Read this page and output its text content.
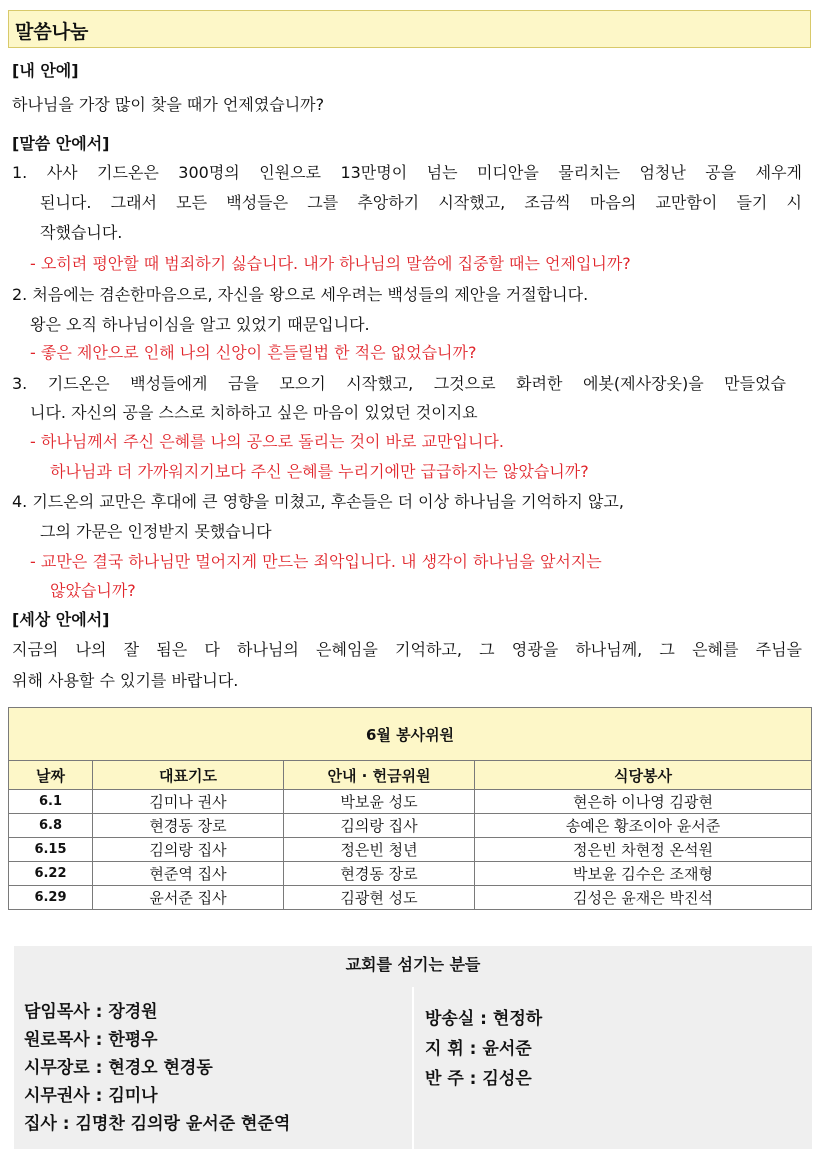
말씀나눔
[내 안에]
하나님을 가장 많이 찾을 때가 언제였습니까?
[말씀 안에서]
1. 사사 기드온은 300명의 인원으로 13만명이 넘는 미디안을 물리치는 엄청난 공을 세우게
된니다. 그래서 모든 백성들은 그를 추앙하기 시작했고, 조금씩 마음의 교만함이 들기 시
작했습니다.
- 오히려 평안할 때 범죄하기 싫습니다. 내가 하나님의 말씀에 집중할 때는 언제입니까?
2. 처음에는 겸손한마음으로, 자신을 왕으로 세우려는 백성들의 제안을 거절합니다.
왕은 오직 하나님이심을 알고 있었기 때문입니다.
- 좋은 제안으로 인해 나의 신앙이 흔들릴법 한 적은 없었습니까?
3. 기드온은 백성들에게 금을 모으기 시작했고, 그것으로 화려한 에봇(제사장옷)을 만들었습
니다. 자신의 공을 스스로 치하하고 싶은 마음이 있었던 것이지요
- 하나님께서 주신 은혜를 나의 공으로 돌리는 것이 바로 교만입니다.
하나님과 더 가까워지기보다 주신 은혜를 누리기에만 급급하지는 않았습니까?
4. 기드온의 교만은 후대에 큰 영향을 미쳤고, 후손들은 더 이상 하나님을 기억하지 않고,
그의 가문은 인정받지 못했습니다
- 교만은 결국 하나님만 멀어지게 만드는 죄악입니다. 내 생각이 하나님을 앞서지는
않았습니까?
[세상 안에서]
지금의 나의 잘 됨은 다 하나님의 은혜임을 기억하고, 그 영광을 하나님께, 그 은혜를 주님을
위해 사용할 수 있기를 바랍니다.
6월 봉사위원			
날짜	대표기도	안내 · 헌금위원	식당봉사
6.1	김미나 권사	박보윤 성도	현은하 이나영 김광현
6.8	현경동 장로	김의랑 집사	송예은 황조이아 윤서준
6.15	김의랑 집사	정은빈 청년	정은빈 차현정 온석원
6.22	현준역 집사	현경동 장로	박보윤 김수은 조재형
6.29	윤서준 집사	김광현 성도	김성은 윤재은 박진석
교회를 섬기는 분들
담임목사 : 장경원
원로목사 : 한평우
시무장로 : 현경오 현경동
시무권사 : 김미나
집사 : 김명찬 김의랑 윤서준 현준역
방송실 : 현정하
지 휘 : 윤서준
반 주 : 김성은
